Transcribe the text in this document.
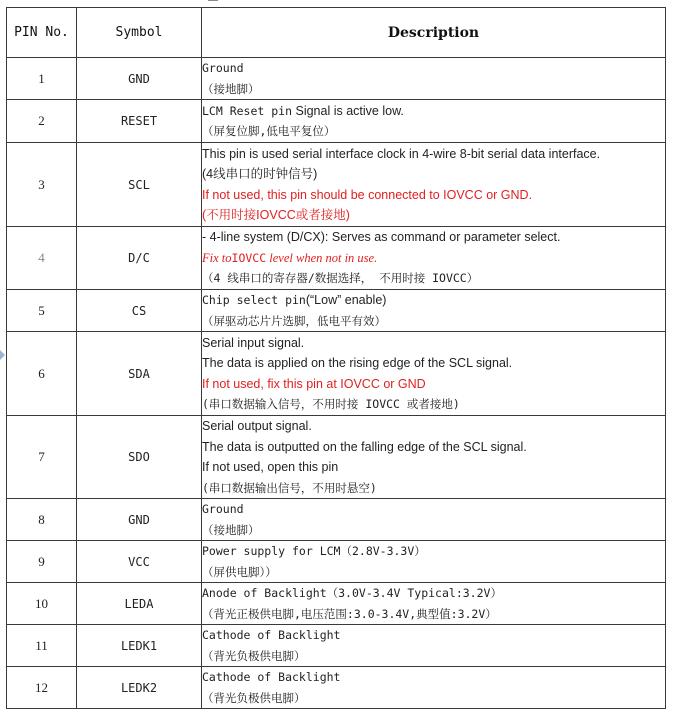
PIN No.	Symbol	Description
1	GND	Ground
（接地脚）

2	RESET	LCM Reset pin Signal is active low.
（屏复位脚,低电平复位）

3	SCL	This pin is used serial interface clock in 4-wire 8-bit serial data interface.
(4线串口的时钟信号)
If not used, this pin should be connected to IOVCC or GND.
(不用时接IOVCC或者接地)

4	D/C	- 4-line system (D/CX): Serves as command or parameter select.
Fix toIOVCC level when not in use.
（4 线串口的寄存器/数据选择， 不用时接 IOVCC）

5	CS	Chip select pin(“Low” enable)
（屏驱动芯片片选脚，低电平有效）

6	SDA	Serial input signal.
The data is applied on the rising edge of the SCL signal.
If not used, fix this pin at IOVCC or GND
(串口数据输入信号，不用时接 IOVCC 或者接地)

7	SDO	Serial output signal.
The data is outputted on the falling edge of the SCL signal.
If not used, open this pin
(串口数据输出信号，不用时悬空)

8	GND	Ground
（接地脚）

9	VCC	Power supply for LCM（2.8V-3.3V）
（屏供电脚））

10	LEDA	Anode of Backlight（3.0V-3.4V Typical:3.2V）
（背光正极供电脚,电压范围:3.0-3.4V,典型值:3.2V）

11	LEDK1	Cathode of Backlight
（背光负极供电脚）

12	LEDK2	Cathode of Backlight
（背光负极供电脚）
